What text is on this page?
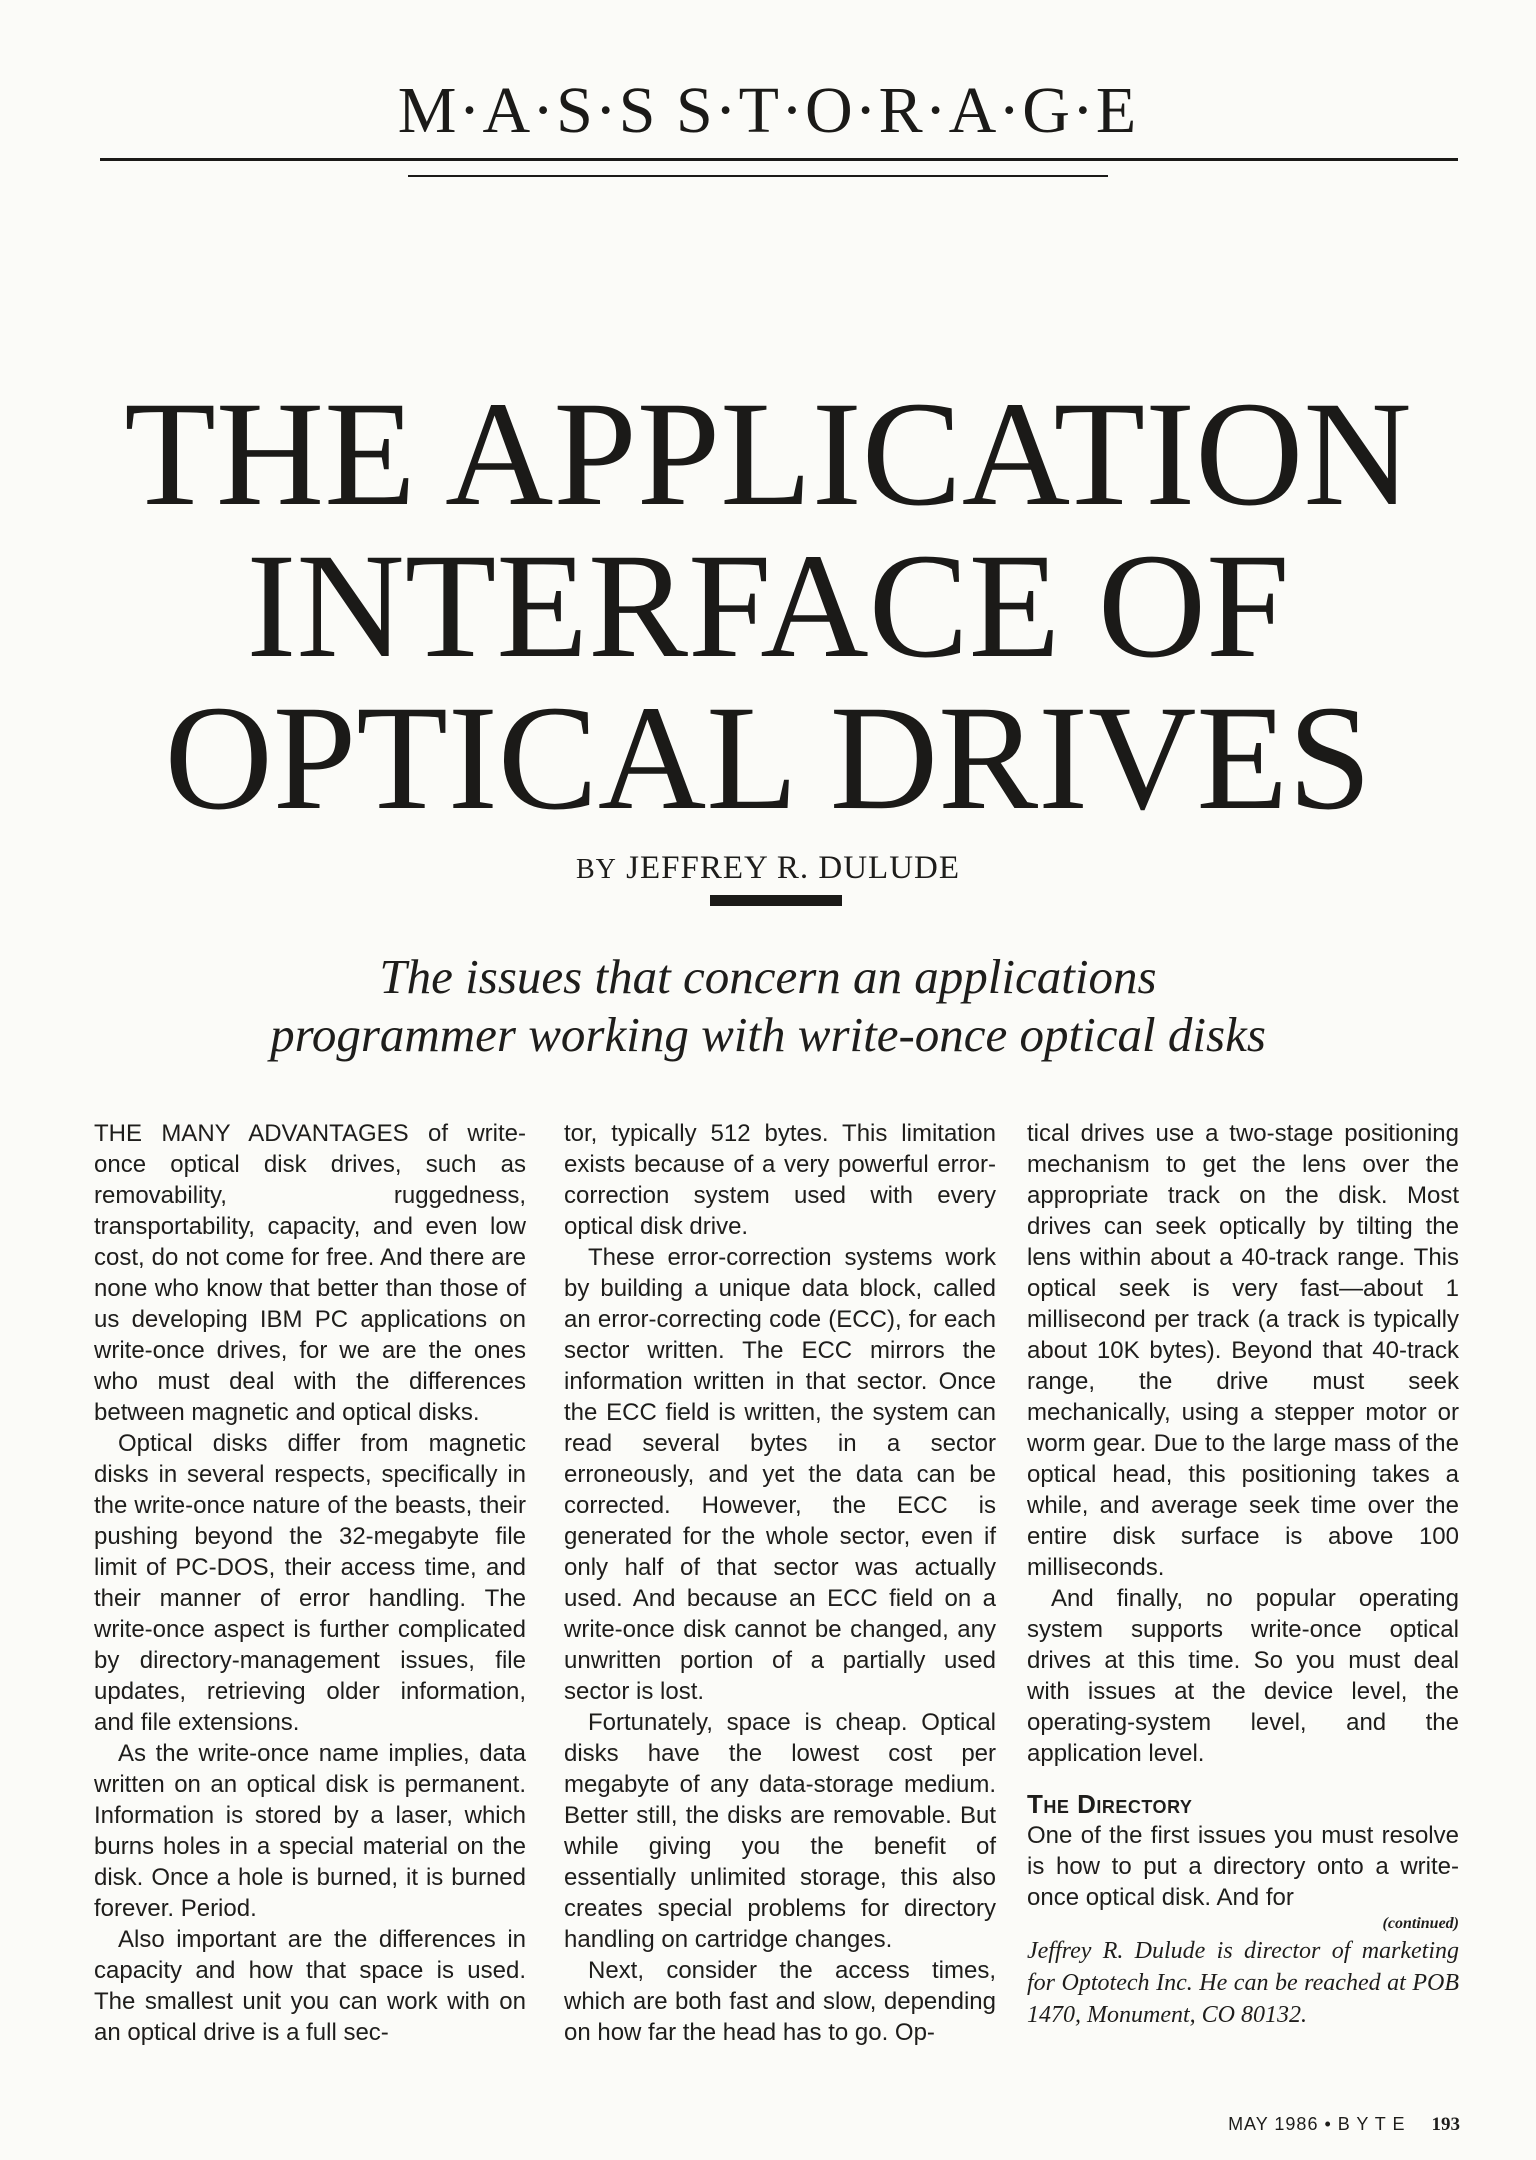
M·A·S·S S·T·O·R·A·G·E
THE APPLICATION
INTERFACE OF
OPTICAL DRIVES
BY JEFFREY R. DULUDE
The issues that concern an applications
programmer working with write-once optical disks

THE MANY ADVANTAGES of write-once optical disk drives, such as removability, ruggedness, transportability, capacity, and even low cost, do not come for free. And there are none who know that better than those of us developing IBM PC applications on write-once drives, for we are the ones who must deal with the differences between magnetic and optical disks.

Optical disks differ from magnetic disks in several respects, specifically in the write-once nature of the beasts, their pushing beyond the 32-megabyte file limit of PC-DOS, their access time, and their manner of error handling. The write-once aspect is further complicated by directory-management issues, file updates, retrieving older information, and file extensions.

As the write-once name implies, data written on an optical disk is permanent. Information is stored by a laser, which burns holes in a special material on the disk. Once a hole is burned, it is burned forever. Period.

Also important are the differences in capacity and how that space is used. The smallest unit you can work with on an optical drive is a full sec-

tor, typically 512 bytes. This limitation exists because of a very powerful error-correction system used with every optical disk drive.

These error-correction systems work by building a unique data block, called an error-correcting code (ECC), for each sector written. The ECC mirrors the information written in that sector. Once the ECC field is written, the system can read several bytes in a sector erroneously, and yet the data can be corrected. However, the ECC is generated for the whole sector, even if only half of that sector was actually used. And because an ECC field on a write-once disk cannot be changed, any unwritten portion of a partially used sector is lost.

Fortunately, space is cheap. Optical disks have the lowest cost per megabyte of any data-storage medium. Better still, the disks are removable. But while giving you the benefit of essentially unlimited storage, this also creates special problems for directory handling on cartridge changes.

Next, consider the access times, which are both fast and slow, depending on how far the head has to go. Op-

tical drives use a two-stage positioning mechanism to get the lens over the appropriate track on the disk. Most drives can seek optically by tilting the lens within about a 40-track range. This optical seek is very fast—about 1 millisecond per track (a track is typically about 10K bytes). Beyond that 40-track range, the drive must seek mechanically, using a stepper motor or worm gear. Due to the large mass of the optical head, this positioning takes a while, and average seek time over the entire disk surface is above 100 milliseconds.

And finally, no popular operating system supports write-once optical drives at this time. So you must deal with issues at the device level, the operating-system level, and the application level.

The Directory

One of the first issues you must resolve is how to put a directory onto a write-once optical disk. And for

(continued)
Jeffrey R. Dulude is director of marketing for Optotech Inc. He can be reached at POB 1470, Monument, CO 80132.
MAY 1986 • B Y T E 193
